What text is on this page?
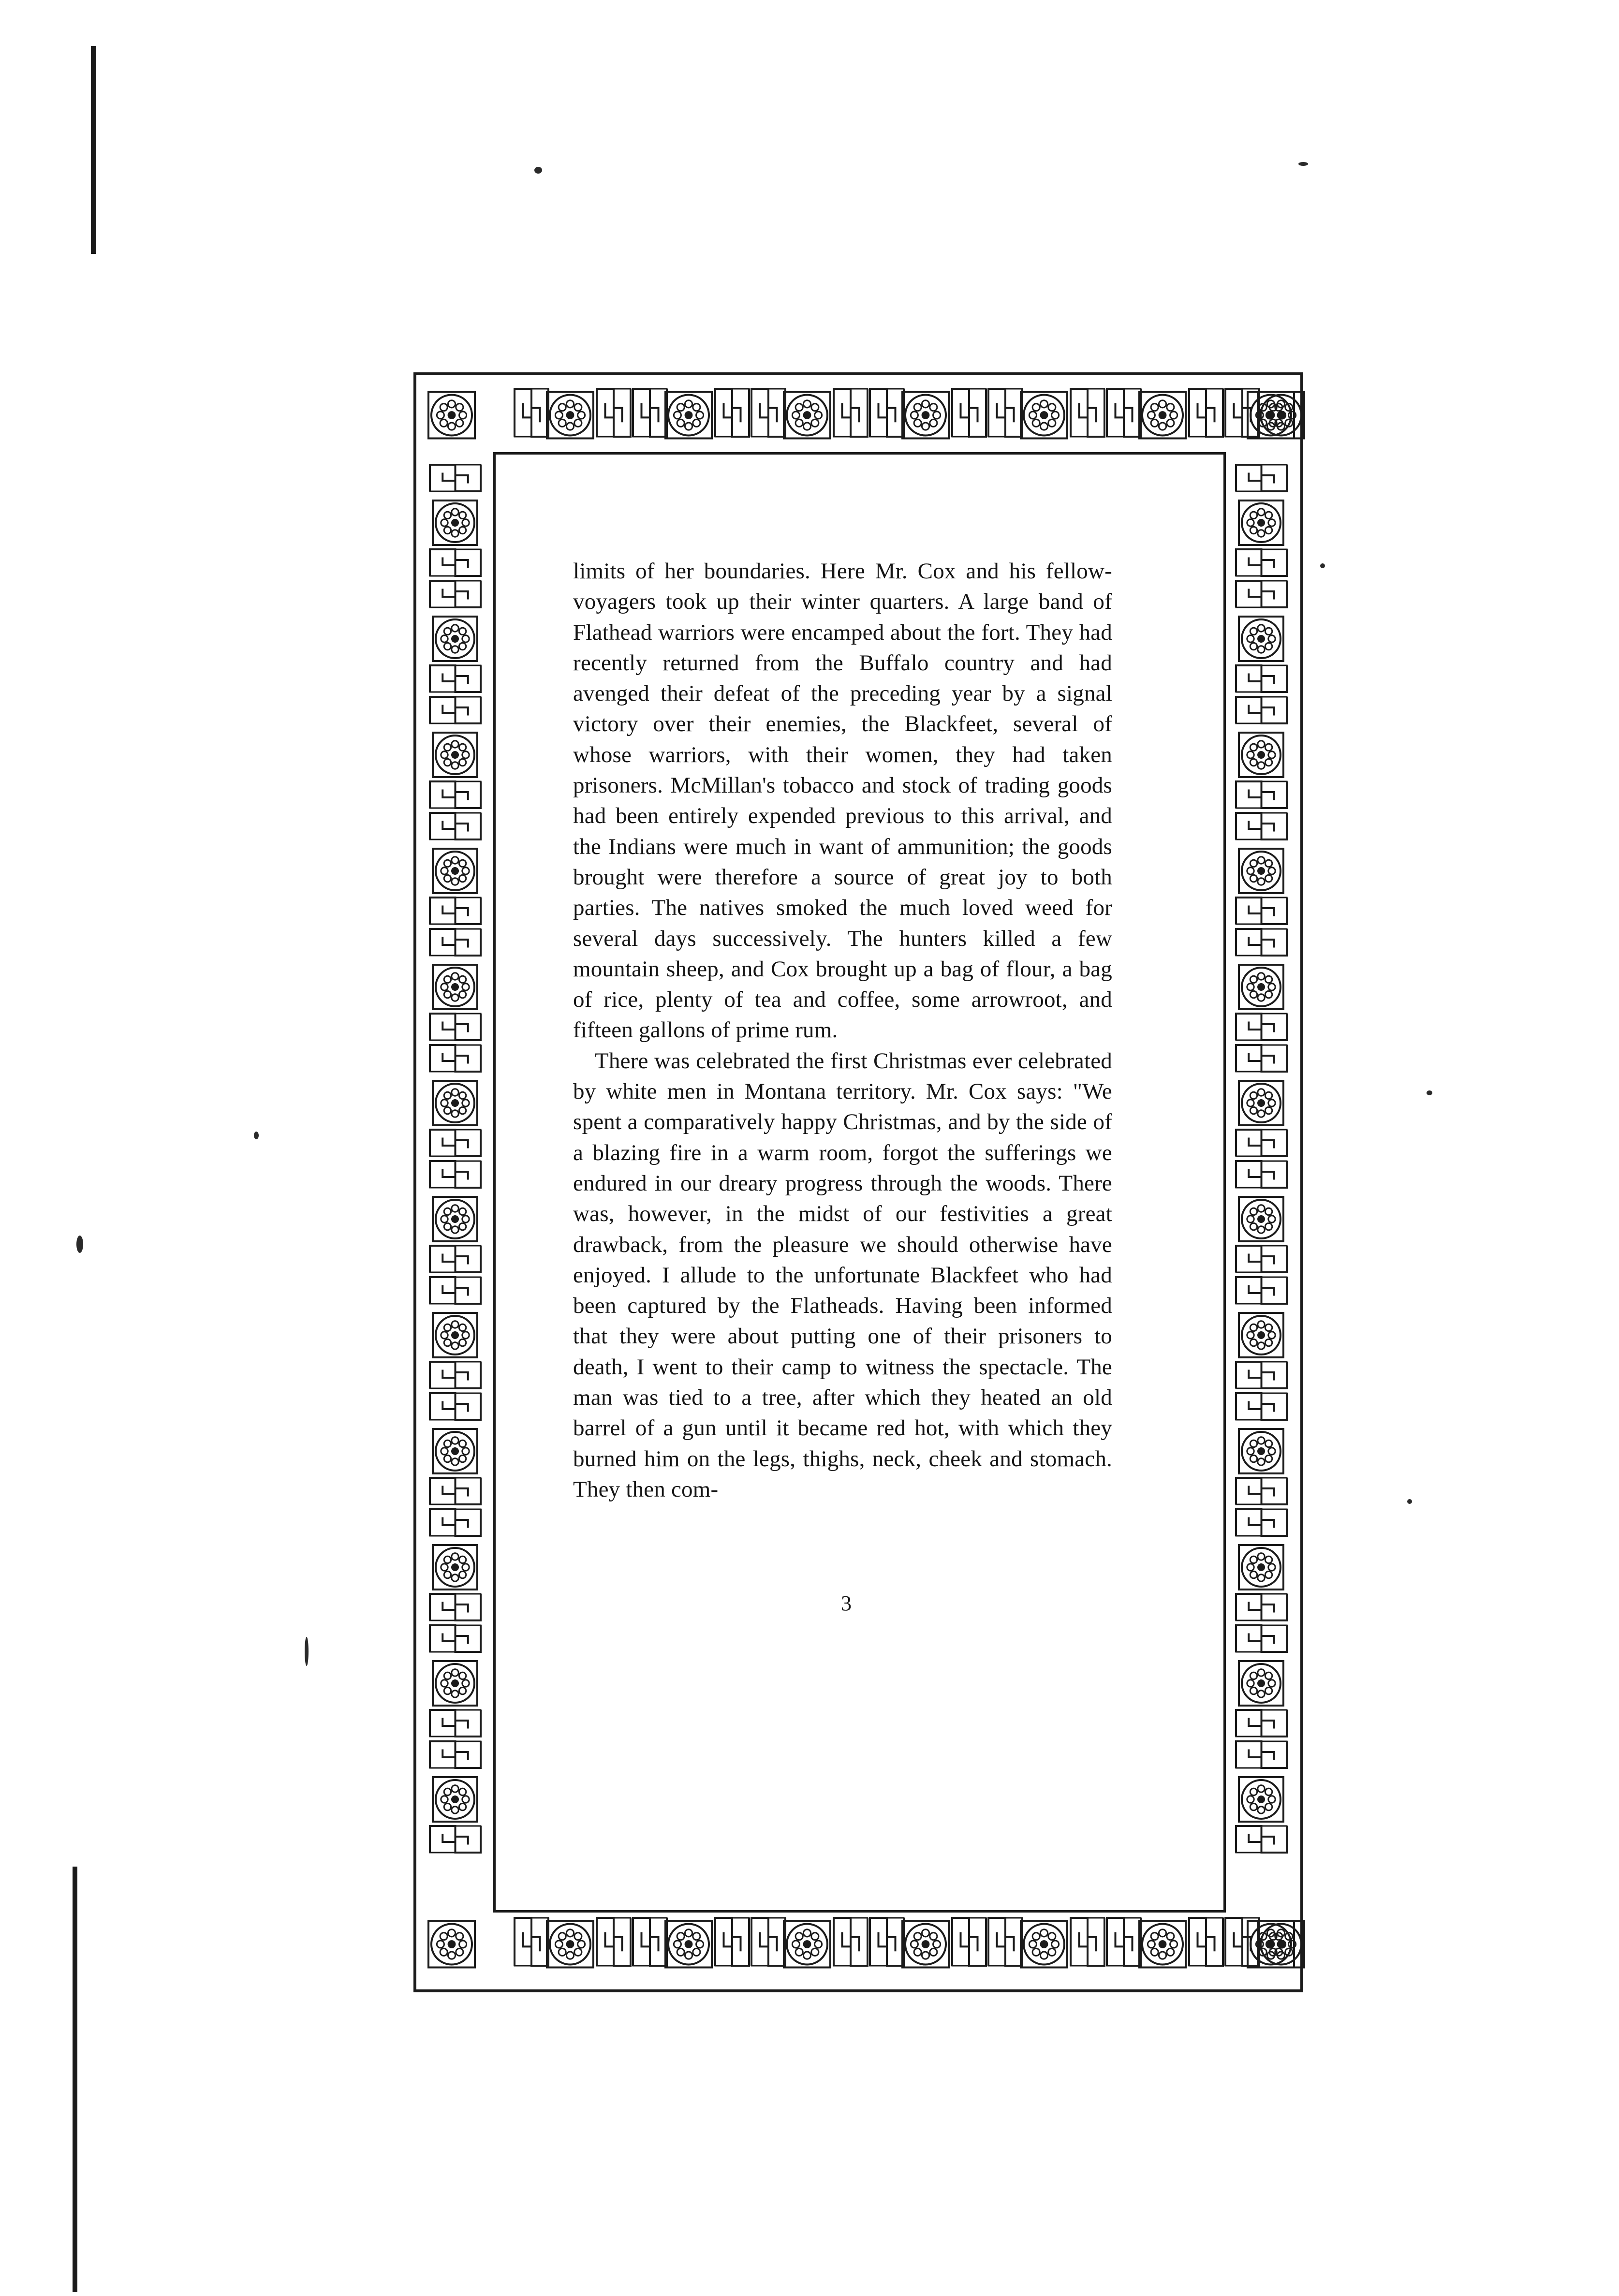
limits of her boundaries. Here Mr. Cox and his fellow-voyagers took up their winter quarters. A large band of Flathead warriors were encamped about the fort. They had recently returned from the Buffalo country and had avenged their defeat of the preceding year by a signal victory over their enemies, the Blackfeet, several of whose warriors, with their women, they had taken prisoners. McMillan's tobacco and stock of trading goods had been entirely expended previous to this arrival, and the Indians were much in want of ammunition; the goods brought were therefore a source of great joy to both parties. The natives smoked the much loved weed for several days successively. The hunters killed a few mountain sheep, and Cox brought up a bag of flour, a bag of rice, plenty of tea and coffee, some arrowroot, and fifteen gallons of prime rum.

There was celebrated the first Christmas ever celebrated by white men in Montana territory. Mr. Cox says: "We spent a comparatively happy Christmas, and by the side of a blazing fire in a warm room, forgot the sufferings we endured in our dreary progress through the woods. There was, however, in the midst of our festivities a great drawback, from the pleasure we should otherwise have enjoyed. I allude to the unfortunate Blackfeet who had been captured by the Flatheads. Having been informed that they were about putting one of their prisoners to death, I went to their camp to witness the spectacle. The man was tied to a tree, after which they heated an old barrel of a gun until it became red hot, with which they burned him on the legs, thighs, neck, cheek and stomach. They then com-

3
